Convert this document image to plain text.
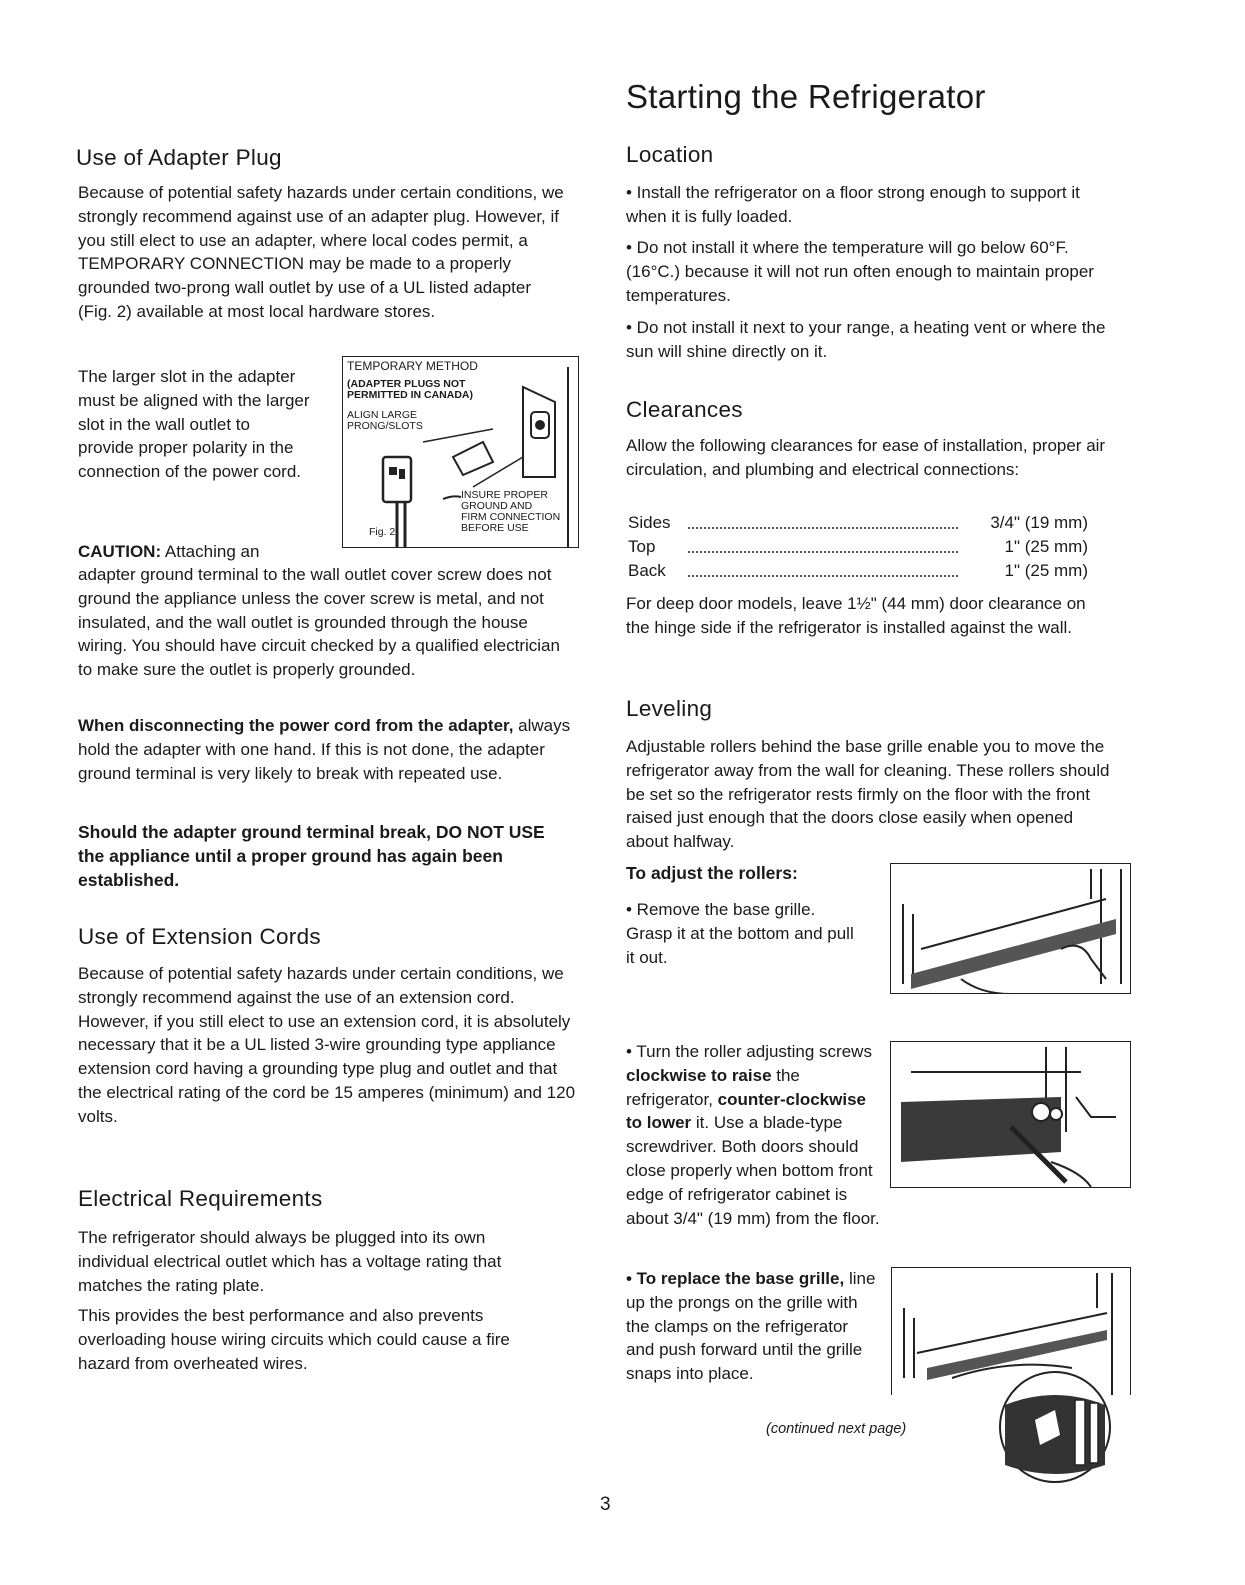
Starting the Refrigerator
Use of Adapter Plug

Because of potential safety hazards under certain conditions, we strongly recommend against use of an adapter plug. However, if you still elect to use an adapter, where local codes permit, a TEMPORARY CONNECTION may be made to a properly grounded two-prong wall outlet by use of a UL listed adapter (Fig. 2) available at most local hardware stores.

The larger slot in the adapter must be aligned with the larger slot in the wall outlet to provide proper polarity in the connection of the power cord.

TEMPORARY METHOD
(ADAPTER PLUGS NOT
PERMITTED IN CANADA)
ALIGN LARGE
PRONG/SLOTS
INSURE PROPER
GROUND AND
FIRM CONNECTION
BEFORE USE
Fig. 2

CAUTION: Attaching an

adapter ground terminal to the wall outlet cover screw does not ground the appliance unless the cover screw is metal, and not insulated, and the wall outlet is grounded through the house wiring. You should have circuit checked by a qualified electrician to make sure the outlet is properly grounded.

When disconnecting the power cord from the adapter, always hold the adapter with one hand. If this is not done, the adapter ground terminal is very likely to break with repeated use.

Should the adapter ground terminal break, DO NOT USE the appliance until a proper ground has again been established.

Use of Extension Cords

Because of potential safety hazards under certain conditions, we strongly recommend against the use of an extension cord. However, if you still elect to use an extension cord, it is absolutely necessary that it be a UL listed 3-wire grounding type appliance extension cord having a grounding type plug and outlet and that the electrical rating of the cord be 15 amperes (minimum) and 120 volts.

Electrical Requirements

The refrigerator should always be plugged into its own individual electrical outlet which has a voltage rating that matches the rating plate.

This provides the best performance and also prevents overloading house wiring circuits which could cause a fire hazard from overheated wires.

Location

• Install the refrigerator on a floor strong enough to support it when it is fully loaded.

• Do not install it where the temperature will go below 60°F. (16°C.) because it will not run often enough to maintain proper temperatures.

• Do not install it next to your range, a heating vent or where the sun will shine directly on it.

Clearances

Allow the following clearances for ease of installation, proper air circulation, and plumbing and electrical connections:

Sides	3/4" (19 mm)
Top	1" (25 mm)
Back	1" (25 mm)

For deep door models, leave 1½" (44 mm) door clearance on the hinge side if the refrigerator is installed against the wall.

Leveling

Adjustable rollers behind the base grille enable you to move the refrigerator away from the wall for cleaning. These rollers should be set so the refrigerator rests firmly on the floor with the front raised just enough that the doors close easily when opened about halfway.

To adjust the rollers:

• Remove the base grille. Grasp it at the bottom and pull it out.

• Turn the roller adjusting screws clockwise to raise the refrigerator, counter-clockwise to lower it. Use a blade-type screwdriver. Both doors should close properly when bottom front edge of refrigerator cabinet is about 3/4" (19 mm) from the floor.

• To replace the base grille, line up the prongs on the grille with the clamps on the refrigerator and push forward until the grille snaps into place.

(continued next page)
3
